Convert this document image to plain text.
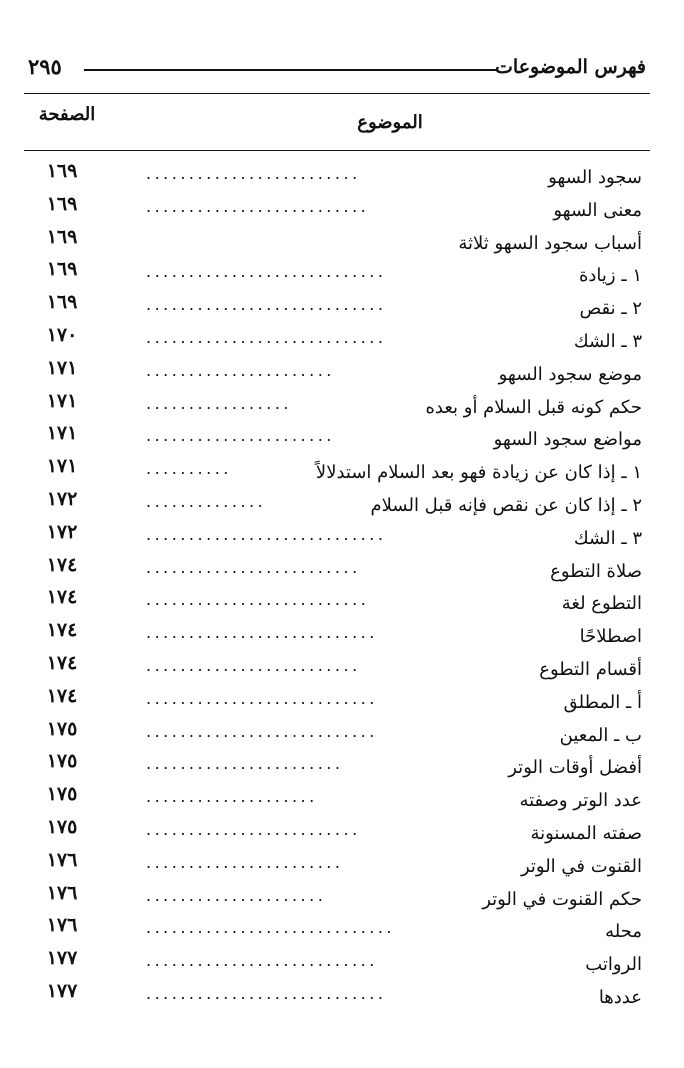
فهرس الموضوعات
٢٩٥
الموضوع
الصفحة
سجود السهو
.........................
١٦٩
معنى السهو
..........................
١٦٩
أسباب سجود السهو ثلاثة
١٦٩
١ ـ زيادة
............................
١٦٩
٢ ـ نقص
............................
١٦٩
٣ ـ الشك
............................
١٧٠
موضع سجود السهو
......................
١٧١
حكم كونه قبل السلام أو بعده
.................
١٧١
مواضع سجود السهو
......................
١٧١
١ ـ إذا كان عن زيادة فهو بعد السلام استدلالاً
..........
١٧١
٢ ـ إذا كان عن نقص فإنه قبل السلام
..............
١٧٢
٣ ـ الشك
............................
١٧٢
صلاة التطوع
.........................
١٧٤
التطوع لغة
..........................
١٧٤
اصطلاحًا
...........................
١٧٤
أقسام التطوع
.........................
١٧٤
أ ـ المطلق
...........................
١٧٤
ب ـ المعين
...........................
١٧٥
أفضل أوقات الوتر
.......................
١٧٥
عدد الوتر وصفته
....................
١٧٥
صفته المسنونة
.........................
١٧٥
القنوت في الوتر
.......................
١٧٦
حكم القنوت في الوتر
.....................
١٧٦
محله
.............................
١٧٦
الرواتب
...........................
١٧٧
عددها
............................
١٧٧
